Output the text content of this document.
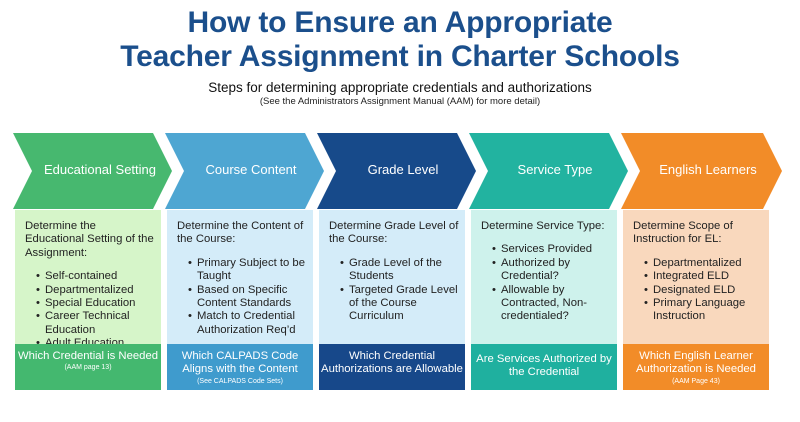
How to Ensure an Appropriate
Teacher Assignment in Charter Schools
Steps for determining appropriate credentials and authorizations
(See the Administrators Assignment Manual (AAM) for more detail)
Educational Setting	Course Content	Grade Level	Service Type	English Learners
Determine the Educational Setting of the Assignment:
• Self-contained
• Departmentalized
• Special Education
• Career Technical Education
•
Which Credential is Needed
(AAM page 13)
Determine the Content of the Course:
• Primary Subject to be Taught
• Based on Specific Content Standards
• Match to Credential Authorization Req’d
Which CALPADS Code Aligns with the Content
(See CALPADS Code Sets)
Determine Grade Level of the Course:
• Grade Level of the Students
• Targeted Grade Level of the Course Curriculum
Which Credential Authorizations are Allowable
Determine Service Type:
• Services Provided
• Authorized by Credential?
• Allowable by Contracted, Non-credentialed?
Are Services Authorized by the Credential
Determine Scope of Instruction for EL:
• Departmentalized
• Integrated ELD
• Designated ELD
• Primary Language Instruction
Which English Learner Authorization is Needed
(AAM Page 43)
